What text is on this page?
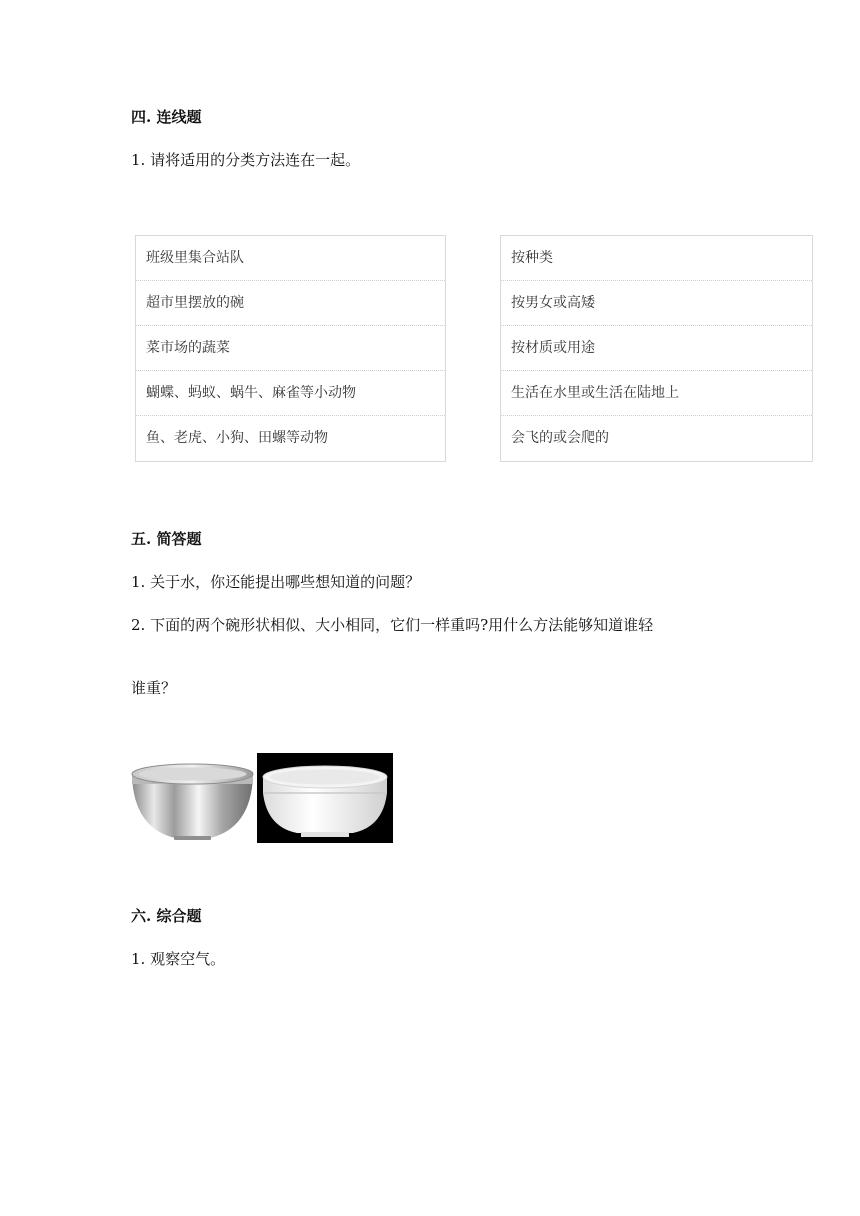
四. 连线题
1. 请将适用的分类方法连在一起。
班级里集合站队
超市里摆放的碗
菜市场的蔬菜
蝴蝶、蚂蚁、蜗牛、麻雀等小动物
鱼、老虎、小狗、田螺等动物
按种类
按男女或高矮
按材质或用途
生活在水里或生活在陆地上
会飞的或会爬的
五. 简答题
1. 关于水，你还能提出哪些想知道的问题？
2. 下面的两个碗形状相似、大小相同，它们一样重吗?用什么方法能够知道谁轻
谁重？
六. 综合题
1. 观察空气。
